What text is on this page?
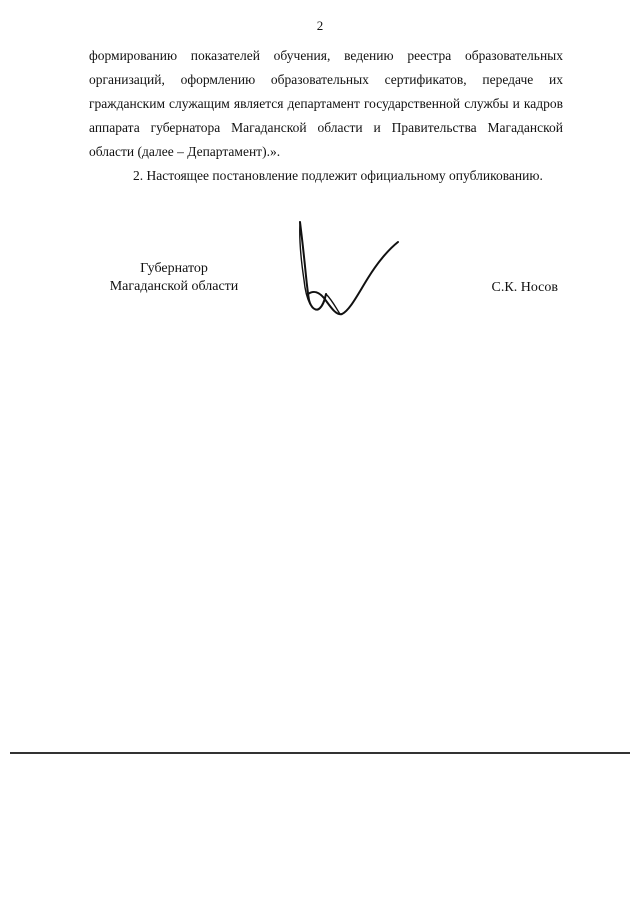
2

формированию показателей обучения, ведению реестра образовательных организаций, оформлению образовательных сертификатов, передаче их гражданским служащим является департамент государственной службы и кадров аппарата губернатора Магаданской области и Правительства Магаданской области (далее – Департамент).».

2. Настоящее постановление подлежит официальному опубликованию.

Губернатор
Магаданской области	С.К. Носов
